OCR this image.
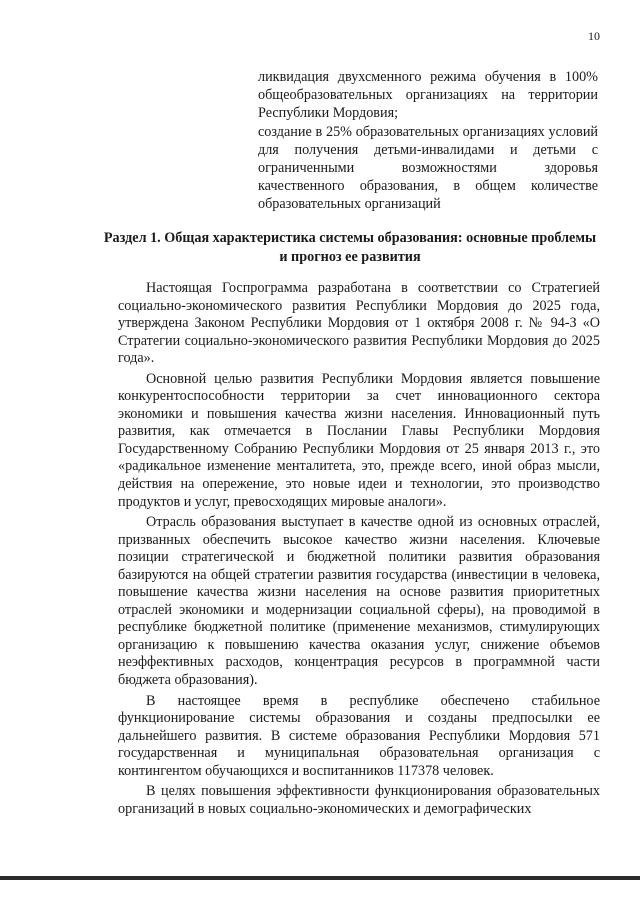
10

ликвидация двухсменного режима обучения в 100% общеобразовательных организациях на территории Республики Мордовия;

создание в 25% образовательных организациях условий для получения детьми-инвалидами и детьми с ограниченными возможностями здоровья качественного образования, в общем количестве образовательных организаций

Раздел 1. Общая характеристика системы образования: основные проблемы и прогноз ее развития

Настоящая Госпрограмма разработана в соответствии со Стратегией социально-экономического развития Республики Мордовия до 2025 года, утверждена Законом Республики Мордовия от 1 октября 2008 г. № 94-З «О Стратегии социально-экономического развития Республики Мордовия до 2025 года».

Основной целью развития Республики Мордовия является повышение конкурентоспособности территории за счет инновационного сектора экономики и повышения качества жизни населения. Инновационный путь развития, как отмечается в Послании Главы Республики Мордовия Государственному Собранию Республики Мордовия от 25 января 2013 г., это «радикальное изменение менталитета, это, прежде всего, иной образ мысли, действия на опережение, это новые идеи и технологии, это производство продуктов и услуг, превосходящих мировые аналоги».

Отрасль образования выступает в качестве одной из основных отраслей, призванных обеспечить высокое качество жизни населения. Ключевые позиции стратегической и бюджетной политики развития образования базируются на общей стратегии развития государства (инвестиции в человека, повышение качества жизни населения на основе развития приоритетных отраслей экономики и модернизации социальной сферы), на проводимой в республике бюджетной политике (применение механизмов, стимулирующих организацию к повышению качества оказания услуг, снижение объемов неэффективных расходов, концентрация ресурсов в программной части бюджета образования).

В настоящее время в республике обеспечено стабильное функционирование системы образования и созданы предпосылки ее дальнейшего развития. В системе образования Республики Мордовия 571 государственная и муниципальная образовательная организация с контингентом обучающихся и воспитанников 117378 человек.

В целях повышения эффективности функционирования образовательных организаций в новых социально-экономических и демографических
